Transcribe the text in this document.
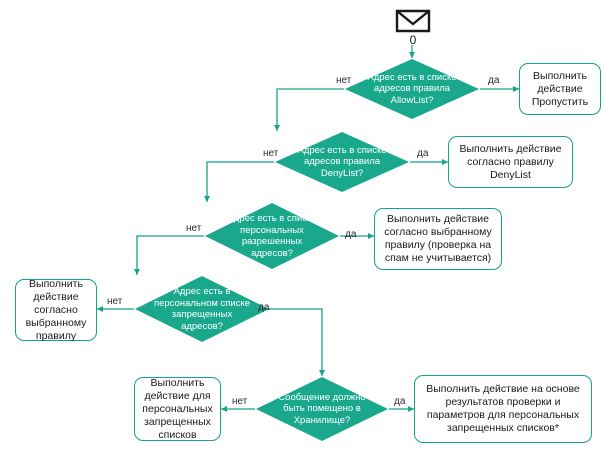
0
Адрес есть в списке адресов правила AllowList?
Адрес есть в списке адресов правила DenyList?
Адрес есть в списке персональных разрешенных адресов?
Адрес есть в персональном списке запрещенных адресов?
Сообщение должно быть помещено в Хранилище?
Выполнить действие Пропустить
Выполнить действие согласно правилу DenyList
Выполнить действие согласно выбранному правилу (проверка на спам не учитывается)
Выполнить действие согласно выбранному правилу
Выполнить действие для персональных запрещенных списков
Выполнить действие на основе результатов проверки и параметров для персональных запрещенных списков*
да
нет
да
нет
да
нет
нет
да
нет	да
